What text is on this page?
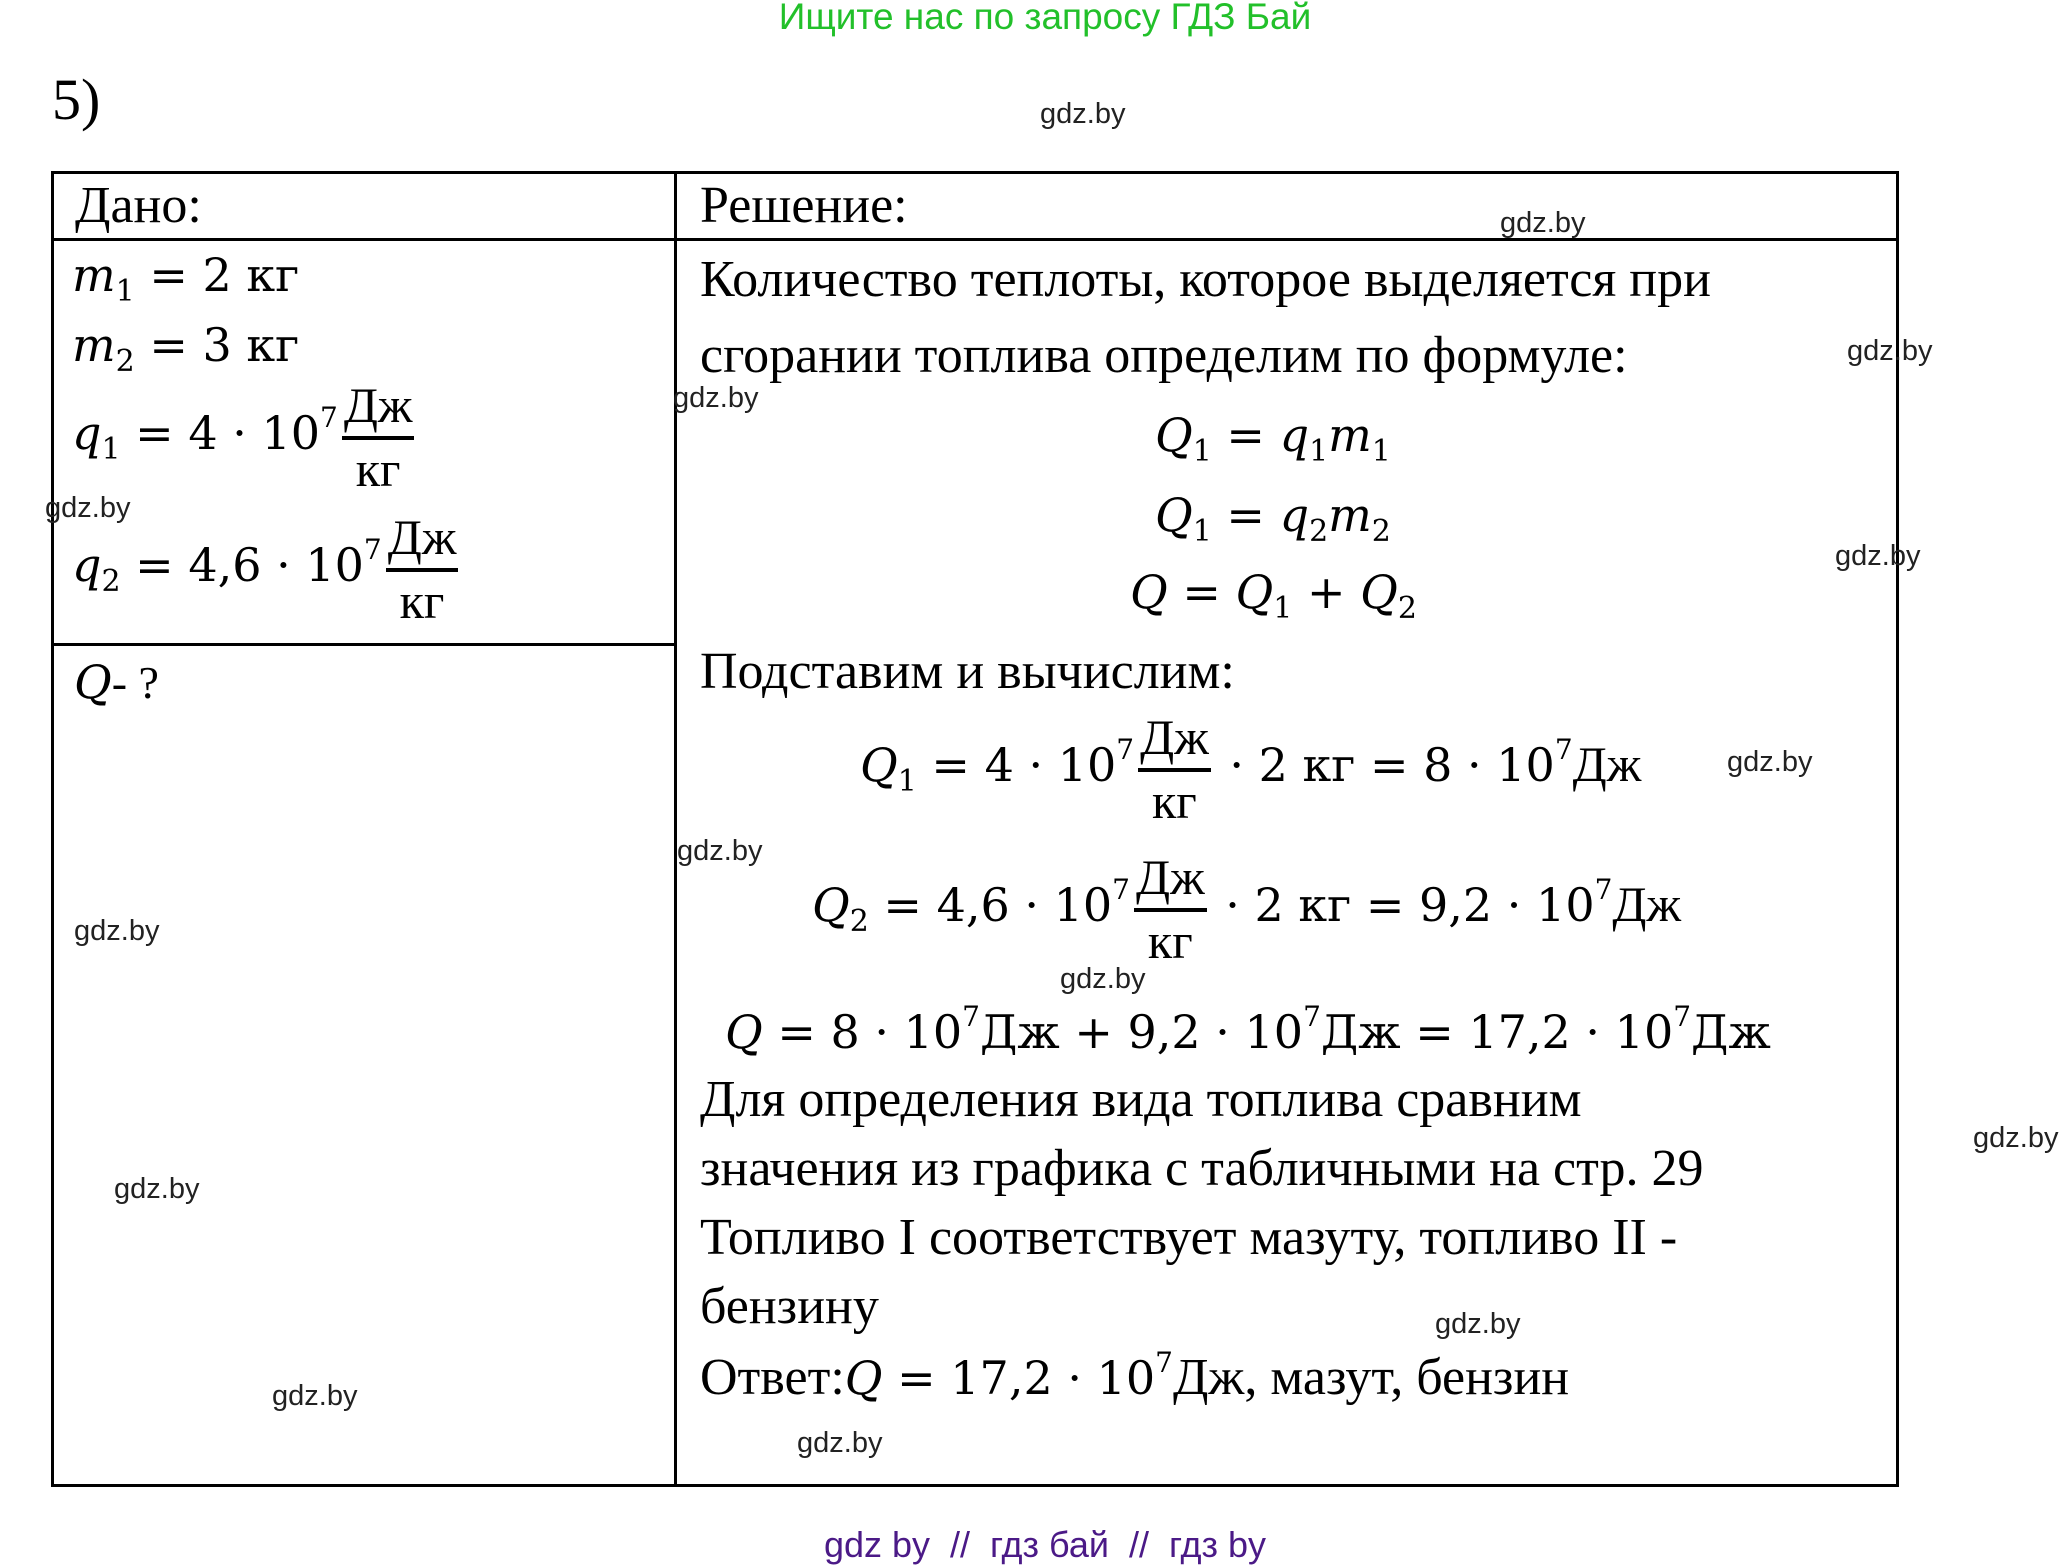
Ищите нас по запросу ГДЗ Бай
5)
Дано:	Решение:
$m_1 = 2$ кг
$m_2 = 3$ кг
$q_1 = 4 \cdot 10^7 \frac{Дж}{кг}$
$q_2 = 4,6 \cdot 10^7 \frac{Дж}{кг}$
Q- ?
Количество теплоты, которое выделяется при
сгорании топлива определим по формуле:
$Q_1 = q_1m_1$
$Q_1 = q_2m_2$
$Q = Q_1 + Q_2$
Подставим и вычислим:
$Q_1 = 4 \cdot 10^7 \frac{Дж}{кг} \cdot 2$ кг = $8 \cdot 10^7Дж$
$Q_2 = 4,6 \cdot 10^7 \frac{Дж}{кг} \cdot 2$ кг = $9,2 \cdot 10^7Дж$
$Q = 8 \cdot 10^7Дж + 9,2 \cdot 10^7Дж = 17,2 \cdot 10^7Дж$
Для определения вида топлива сравним
значения из графика с табличными на стр. 29
Топливо I соответствует мазуту, топливо II -
бензину
Ответ:Q = $17,2 \cdot 10^7Дж$, мазут, бензин
gdz.by
gdz.by
gdz.by
gdz.by
gdz.by
gdz.by
gdz.by
gdz.by
gdz.by
gdz.by
gdz.by
gdz.by
gdz.by
gdz.by
gdz.by
gdz by  //  гдз бай  //  гдз by
